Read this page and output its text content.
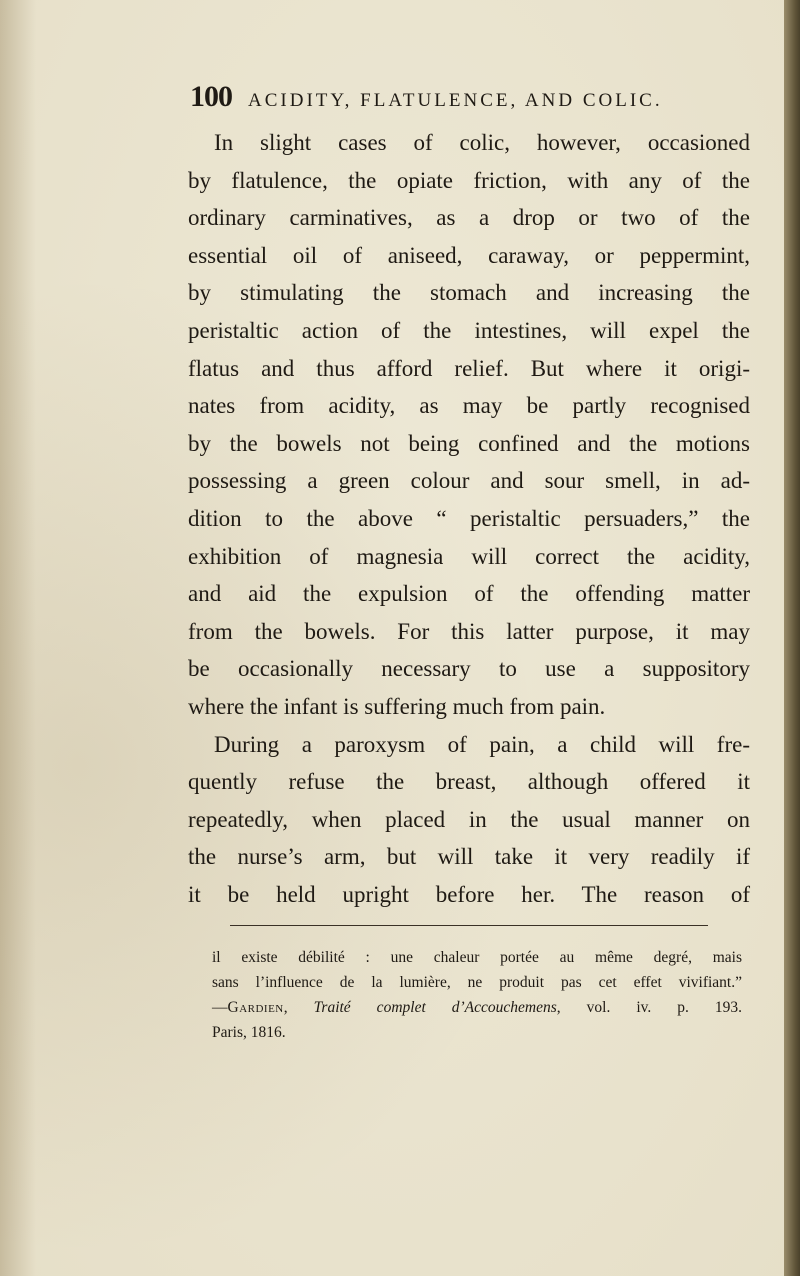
100 ACIDITY, FLATULENCE, AND COLIC.
In slight cases of colic, however, occasioned
by flatulence, the opiate friction, with any of the
ordinary carminatives, as a drop or two of the
essential oil of aniseed, caraway, or peppermint,
by stimulating the stomach and increasing the
peristaltic action of the intestines, will expel the
flatus and thus afford relief. But where it origi-
nates from acidity, as may be partly recognised
by the bowels not being confined and the motions
possessing a green colour and sour smell, in ad-
dition to the above “ peristaltic persuaders,” the
exhibition of magnesia will correct the acidity,
and aid the expulsion of the offending matter
from the bowels. For this latter purpose, it may
be occasionally necessary to use a suppository
where the infant is suffering much from pain.
During a paroxysm of pain, a child will fre-
quently refuse the breast, although offered it
repeatedly, when placed in the usual manner on
the nurse’s arm, but will take it very readily if
it be held upright before her. The reason of
il existe débilité : une chaleur portée au même degré, mais
sans l’influence de la lumière, ne produit pas cet effet vivifiant.”
—Gardien, Traité complet d’Accouchemens, vol. iv. p. 193.
Paris, 1816.
